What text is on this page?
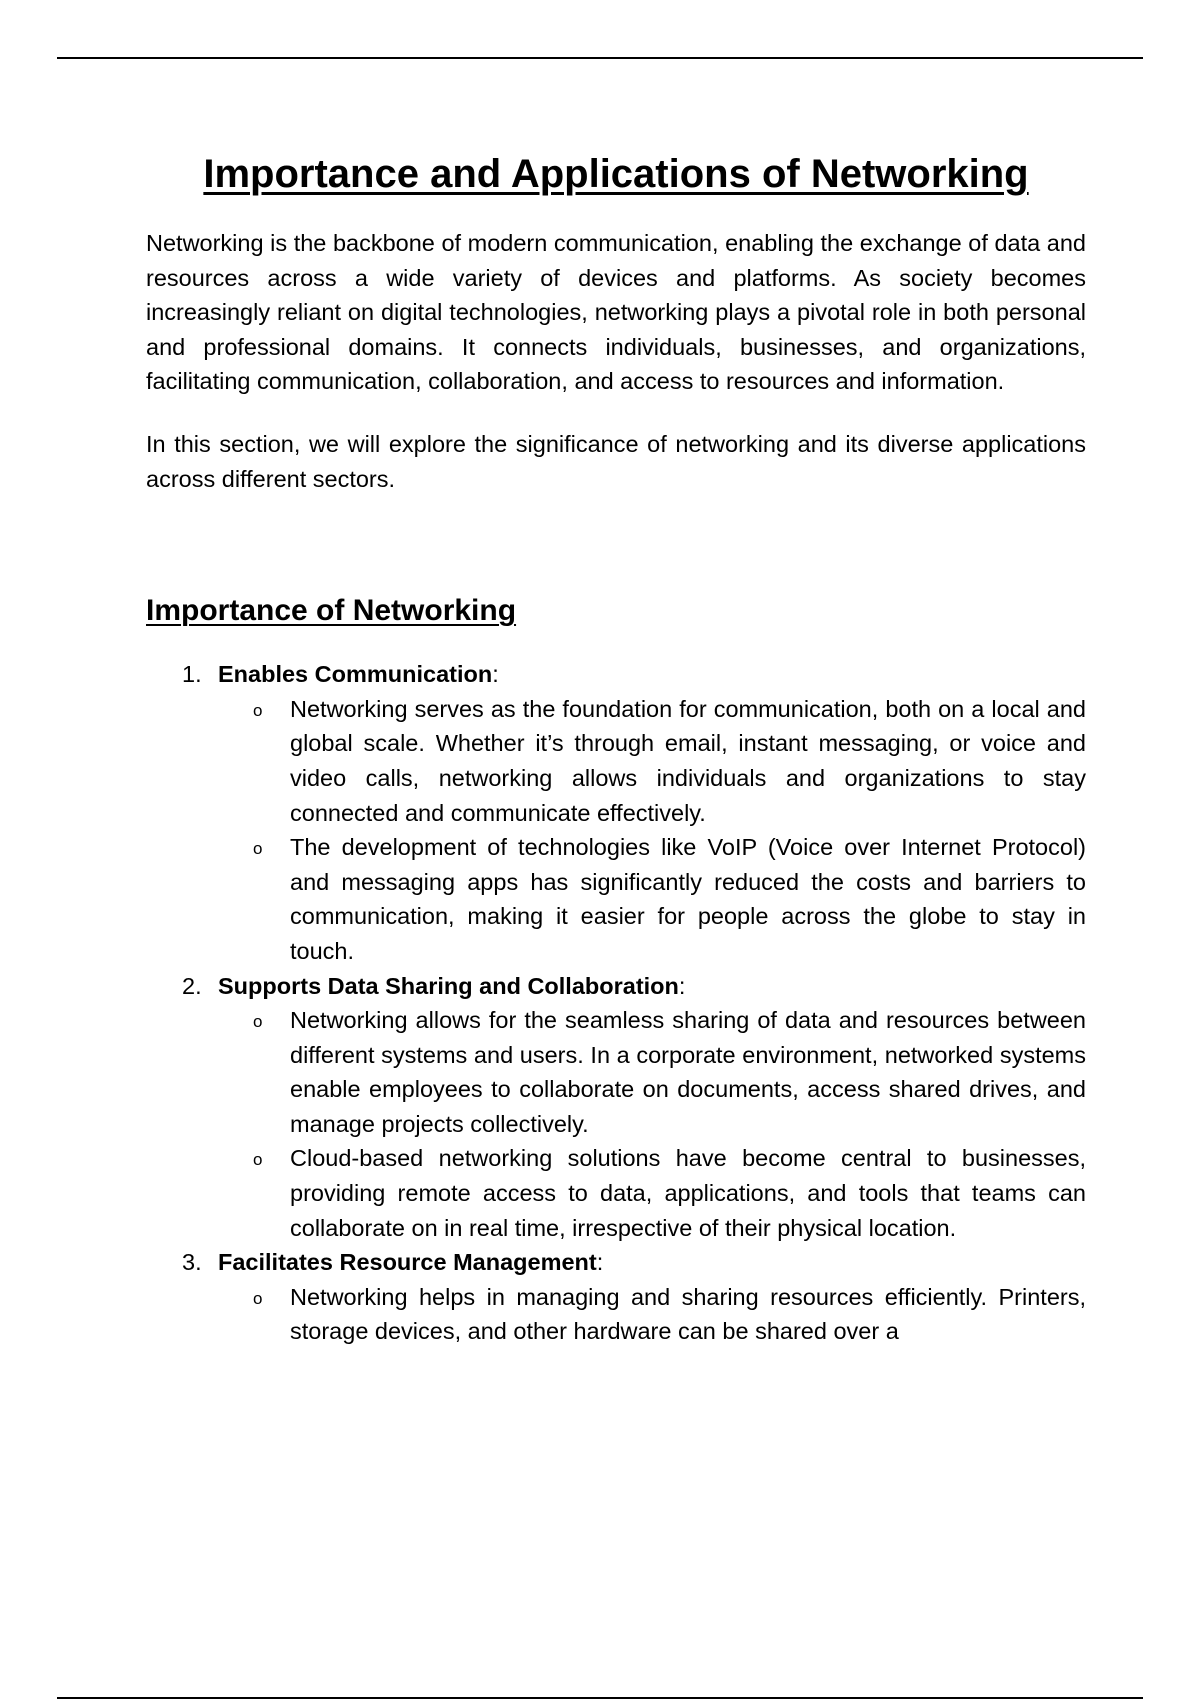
Importance and Applications of Networking

Networking is the backbone of modern communication, enabling the exchange of data and resources across a wide variety of devices and platforms. As society becomes increasingly reliant on digital technologies, networking plays a pivotal role in both personal and professional domains. It connects individuals, businesses, and organizations, facilitating communication, collaboration, and access to resources and information.

In this section, we will explore the significance of networking and its diverse applications across different sectors.

Importance of Networking
1. Enables Communication:
o Networking serves as the foundation for communication, both on a local and global scale. Whether it’s through email, instant messaging, or voice and video calls, networking allows individuals and organizations to stay connected and communicate effectively.
o The development of technologies like VoIP (Voice over Internet Protocol) and messaging apps has significantly reduced the costs and barriers to communication, making it easier for people across the globe to stay in touch.
2. Supports Data Sharing and Collaboration:
o Networking allows for the seamless sharing of data and resources between different systems and users. In a corporate environment, networked systems enable employees to collaborate on documents, access shared drives, and manage projects collectively.
o Cloud-based networking solutions have become central to businesses, providing remote access to data, applications, and tools that teams can collaborate on in real time, irrespective of their physical location.
3. Facilitates Resource Management:
o Networking helps in managing and sharing resources efficiently. Printers, storage devices, and other hardware can be shared over a
